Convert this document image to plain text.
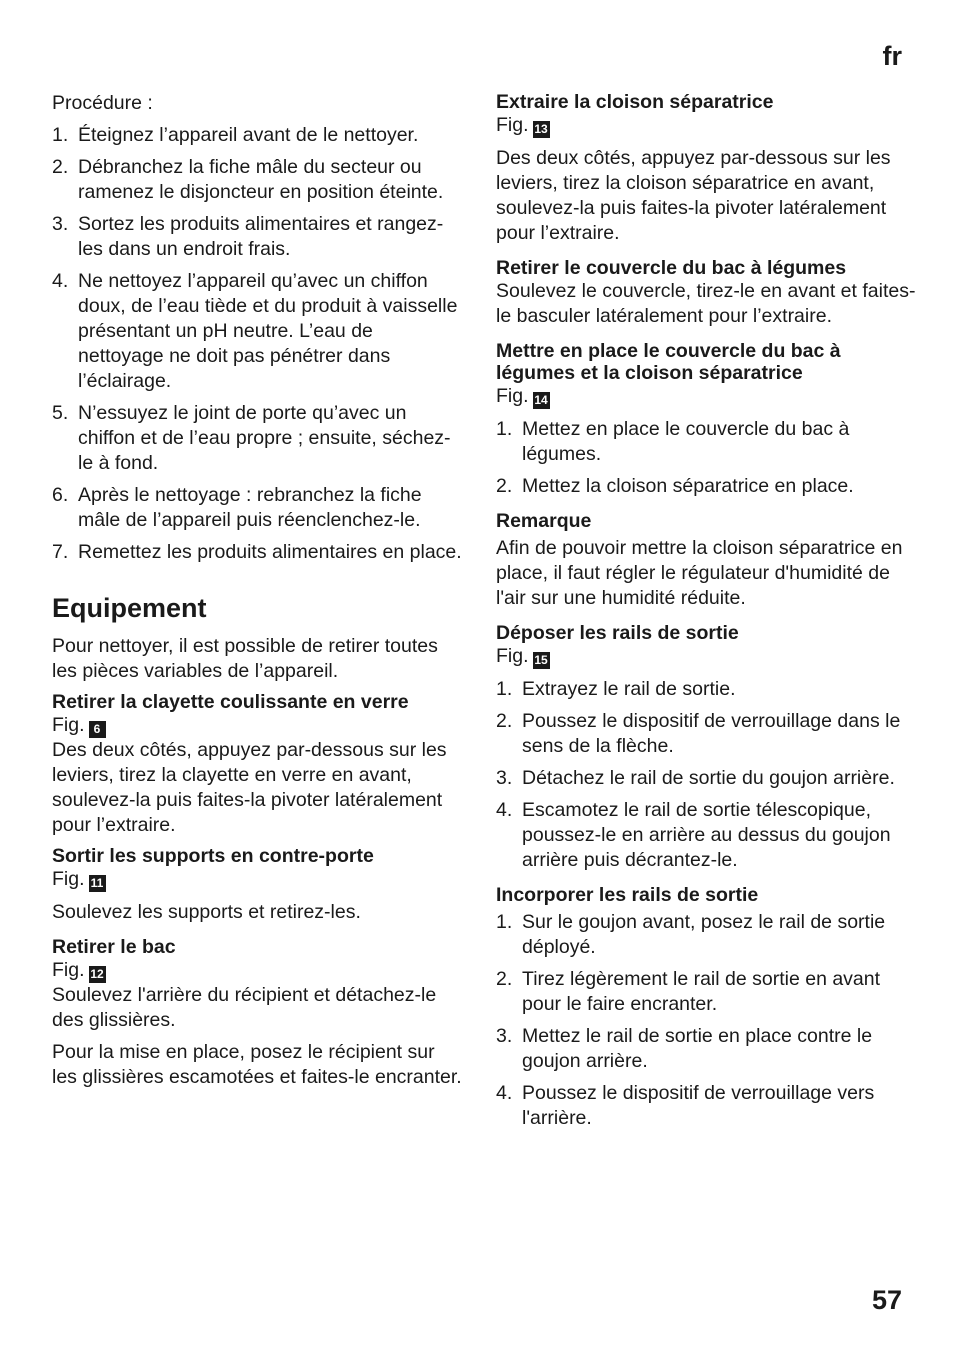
fr

Procédure :

1. Éteignez l’appareil avant de le nettoyer.
2. Débranchez la fiche mâle du secteur ou ramenez le disjoncteur en position éteinte.
3. Sortez les produits alimentaires et rangez-les dans un endroit frais.
4. Ne nettoyez l’appareil qu’avec un chiffon doux, de l’eau tiède et du produit à vaisselle présentant un pH neutre. L’eau de nettoyage ne doit pas pénétrer dans l’éclairage.
5. N’essuyez le joint de porte qu’avec un chiffon et de l’eau propre ; ensuite, séchez-le à fond.
6. Après le nettoyage : rebranchez la fiche mâle de l’appareil puis réenclenchez-le.
7. Remettez les produits alimentaires en place.
Equipement

Pour nettoyer, il est possible de retirer toutes les pièces variables de l’appareil.

Retirer la clayette coulissante en verre
Fig. 6

Des deux côtés, appuyez par-dessous sur les leviers, tirez la clayette en verre en avant, soulevez-la puis faites-la pivoter latéralement pour l’extraire.

Sortir les supports en contre-porte
Fig. 11

Soulevez les supports et retirez-les.

Retirer le bac
Fig. 12

Soulevez l'arrière du récipient et détachez-le des glissières.

Pour la mise en place, posez le récipient sur les glissières escamotées et faites-le encranter.

Extraire la cloison séparatrice
Fig. 13

Des deux côtés, appuyez par-dessous sur les leviers, tirez la cloison séparatrice en avant, soulevez-la puis faites-la pivoter latéralement pour l’extraire.

Retirer le couvercle du bac à légumes

Soulevez le couvercle, tirez-le en avant et faites-le basculer latéralement pour l’extraire.

Mettre en place le couvercle du bac à légumes et la cloison séparatrice
Fig. 14
1. Mettez en place le couvercle du bac à légumes.
2. Mettez la cloison séparatrice en place.
Remarque

Afin de pouvoir mettre la cloison séparatrice en place, il faut régler le régulateur d'humidité de l'air sur une humidité réduite.

Déposer les rails de sortie
Fig. 15
1. Extrayez le rail de sortie.
2. Poussez le dispositif de verrouillage dans le sens de la flèche.
3. Détachez le rail de sortie du goujon arrière.
4. Escamotez le rail de sortie télescopique, poussez-le en arrière au dessus du goujon arrière puis décrantez-le.
Incorporer les rails de sortie
1. Sur le goujon avant, posez le rail de sortie déployé.
2. Tirez légèrement le rail de sortie en avant pour le faire encranter.
3. Mettez le rail de sortie en place contre le goujon arrière.
4. Poussez le dispositif de verrouillage vers l'arrière.
57
